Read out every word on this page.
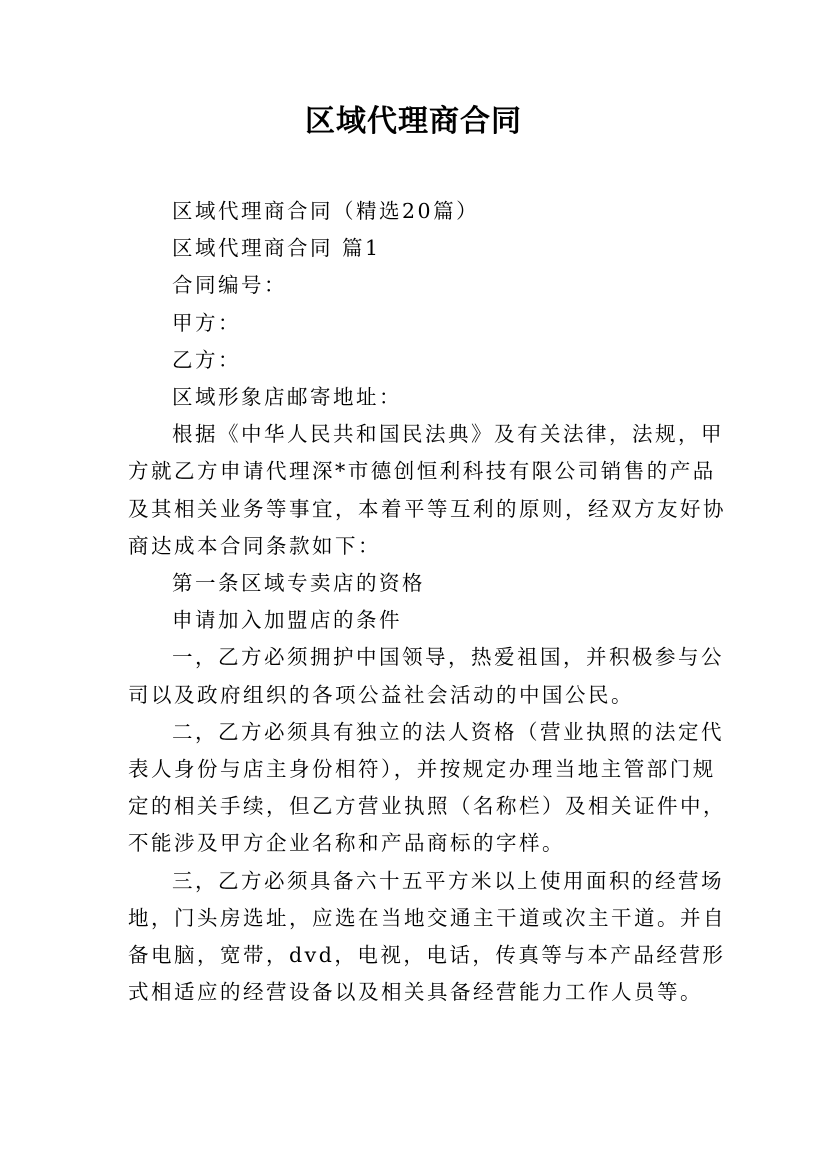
区域代理商合同
区域代理商合同（精选20篇）
区域代理商合同 篇1
合同编号：
甲方：
乙方：
区域形象店邮寄地址：
根据《中华人民共和国民法典》及有关法律，法规，甲
方就乙方申请代理深*市德创恒利科技有限公司销售的产品
及其相关业务等事宜，本着平等互利的原则，经双方友好协
商达成本合同条款如下：
第一条区域专卖店的资格
申请加入加盟店的条件
一，乙方必须拥护中国领导，热爱祖国，并积极参与公
司以及政府组织的各项公益社会活动的中国公民。
二，乙方必须具有独立的法人资格（营业执照的法定代
表人身份与店主身份相符），并按规定办理当地主管部门规
定的相关手续，但乙方营业执照（名称栏）及相关证件中，
不能涉及甲方企业名称和产品商标的字样。
三，乙方必须具备六十五平方米以上使用面积的经营场
地，门头房选址，应选在当地交通主干道或次主干道。并自
备电脑，宽带，dvd，电视，电话，传真等与本产品经营形
式相适应的经营设备以及相关具备经营能力工作人员等。
